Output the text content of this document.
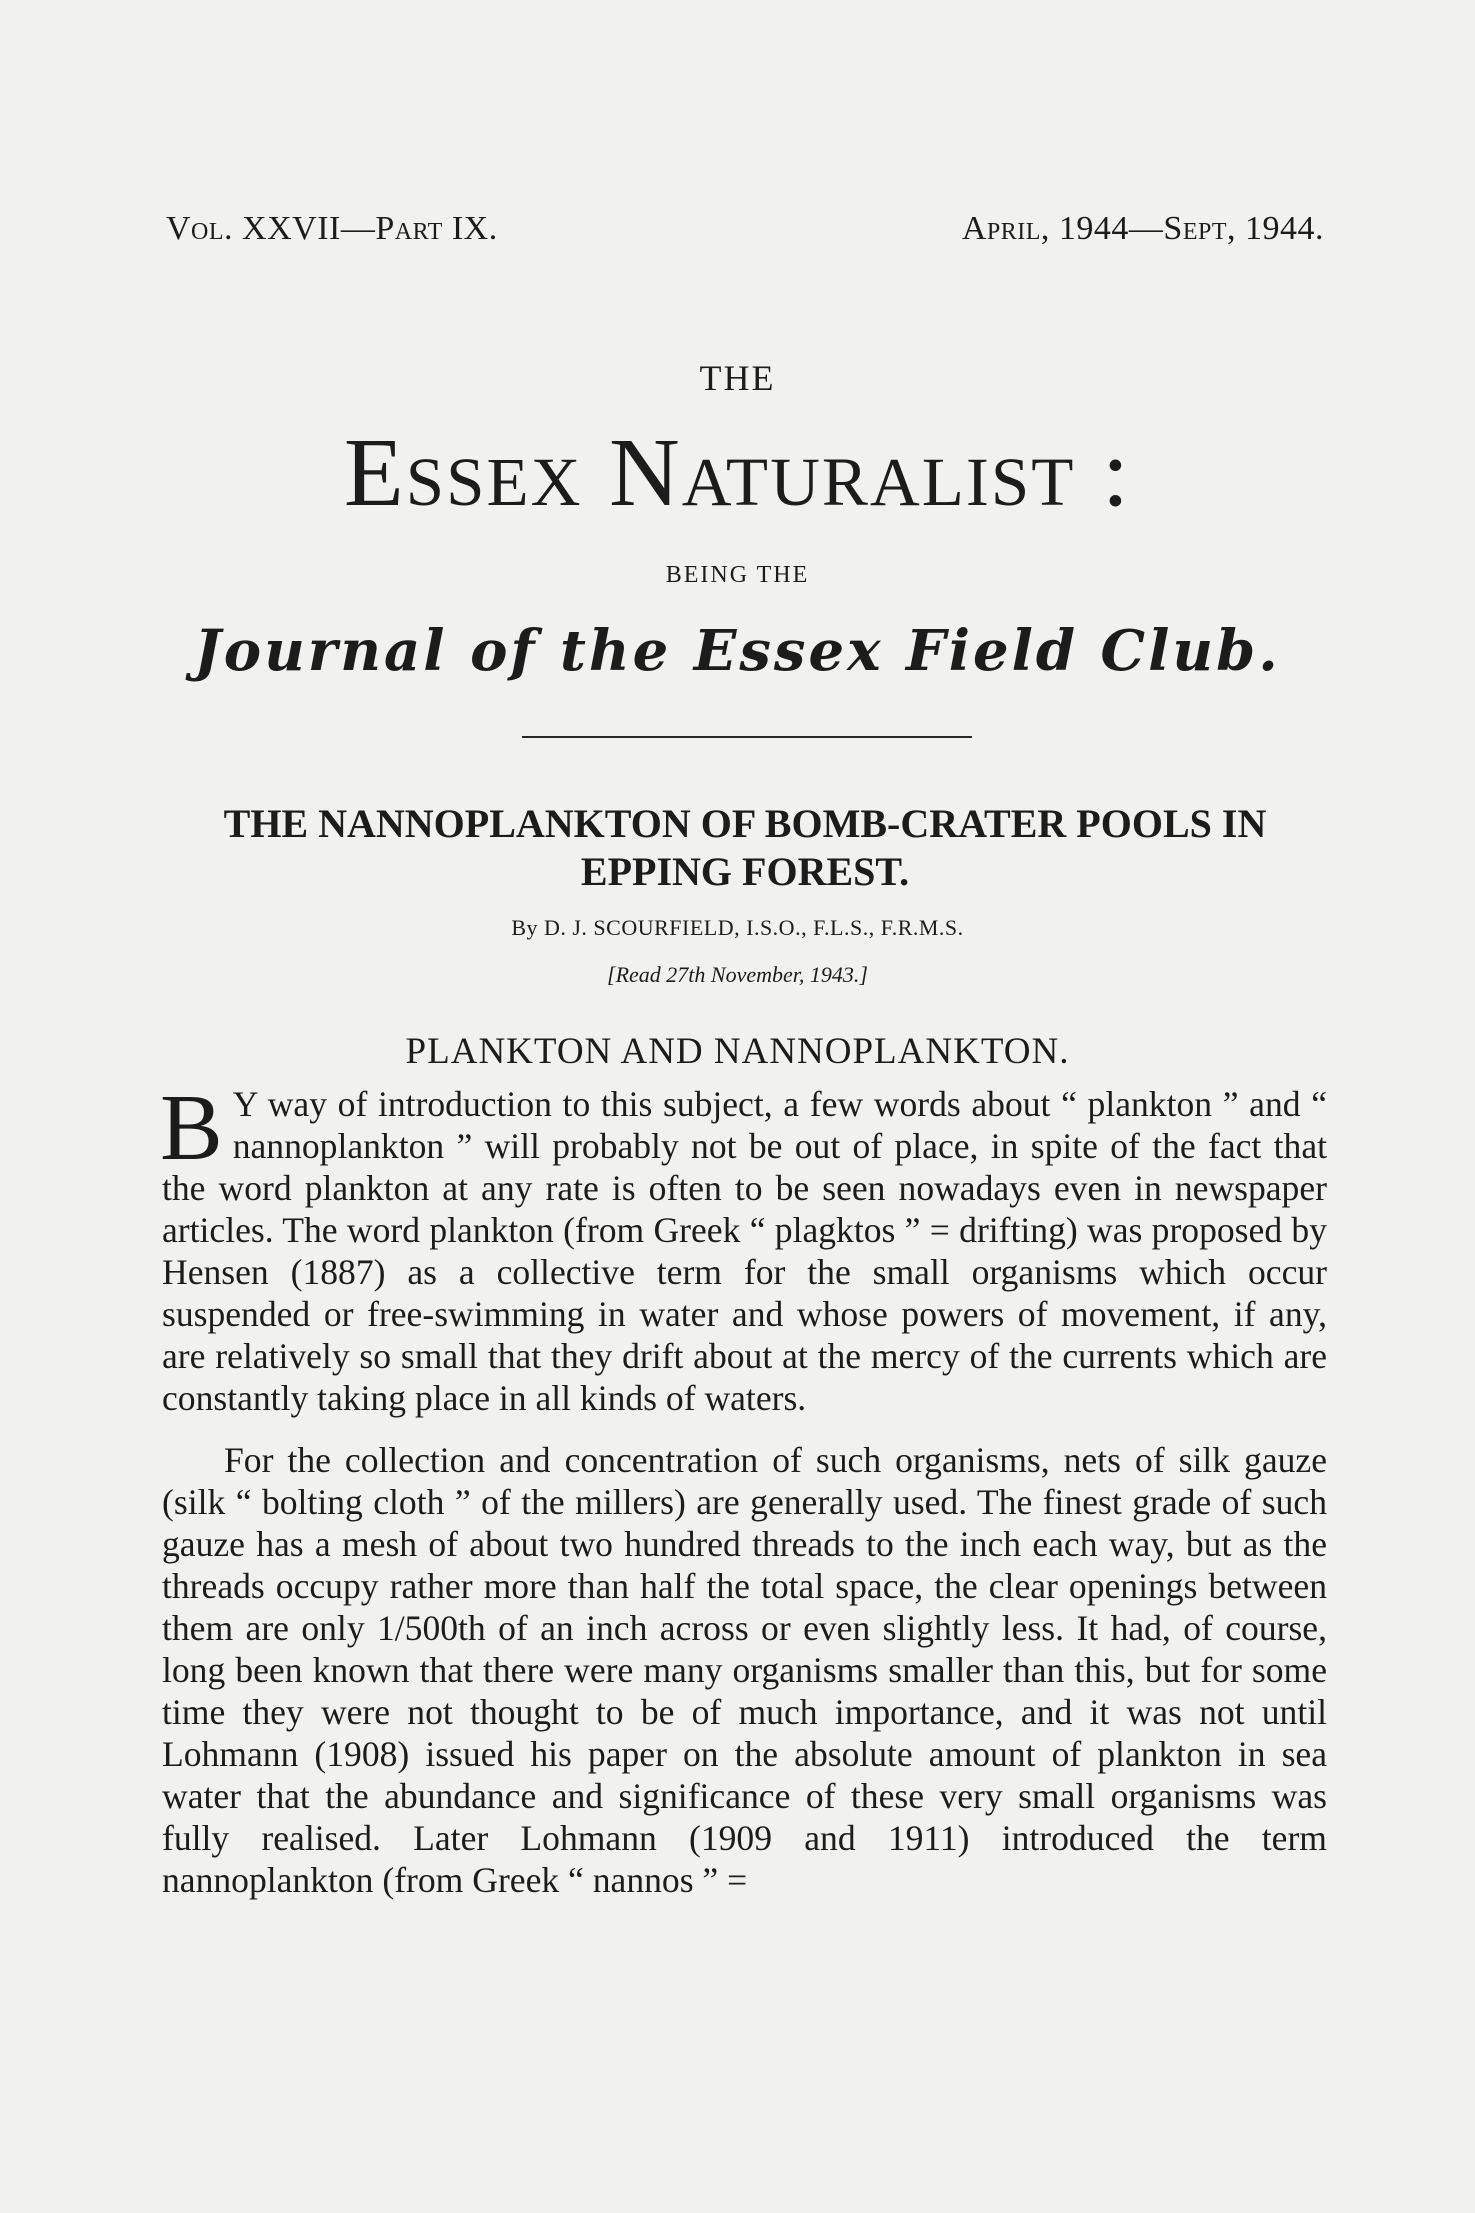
Vol. XXVII—Part IX.	April, 1944—Sept, 1944.
THE
Essex Naturalist :
BEING THE
Journal of the Essex Field Club.
THE NANNOPLANKTON OF BOMB-CRATER POOLS IN EPPING FOREST.
By D. J. SCOURFIELD, I.S.O., F.L.S., F.R.M.S.
[Read 27th November, 1943.]
PLANKTON AND NANNOPLANKTON.

B Y way of introduction to this subject, a few words about “ plankton ” and “ nannoplankton ” will probably not be out of place, in spite of the fact that the word plankton at any rate is often to be seen nowadays even in newspaper articles. The word plankton (from Greek “ plagktos ” = drifting) was proposed by Hensen (1887) as a collective term for the small organisms which occur suspended or free-swimming in water and whose powers of movement, if any, are relatively so small that they drift about at the mercy of the currents which are constantly taking place in all kinds of waters.

For the collection and concentration of such organisms, nets of silk gauze (silk “ bolting cloth ” of the millers) are generally used. The finest grade of such gauze has a mesh of about two hundred threads to the inch each way, but as the threads occupy rather more than half the total space, the clear openings between them are only 1/500th of an inch across or even slightly less. It had, of course, long been known that there were many organisms smaller than this, but for some time they were not thought to be of much importance, and it was not until Lohmann (1908) issued his paper on the absolute amount of plankton in sea water that the abundance and significance of these very small organisms was fully realised. Later Lohmann (1909 and 1911) introduced the term nannoplankton (from Greek “ nannos ” =
